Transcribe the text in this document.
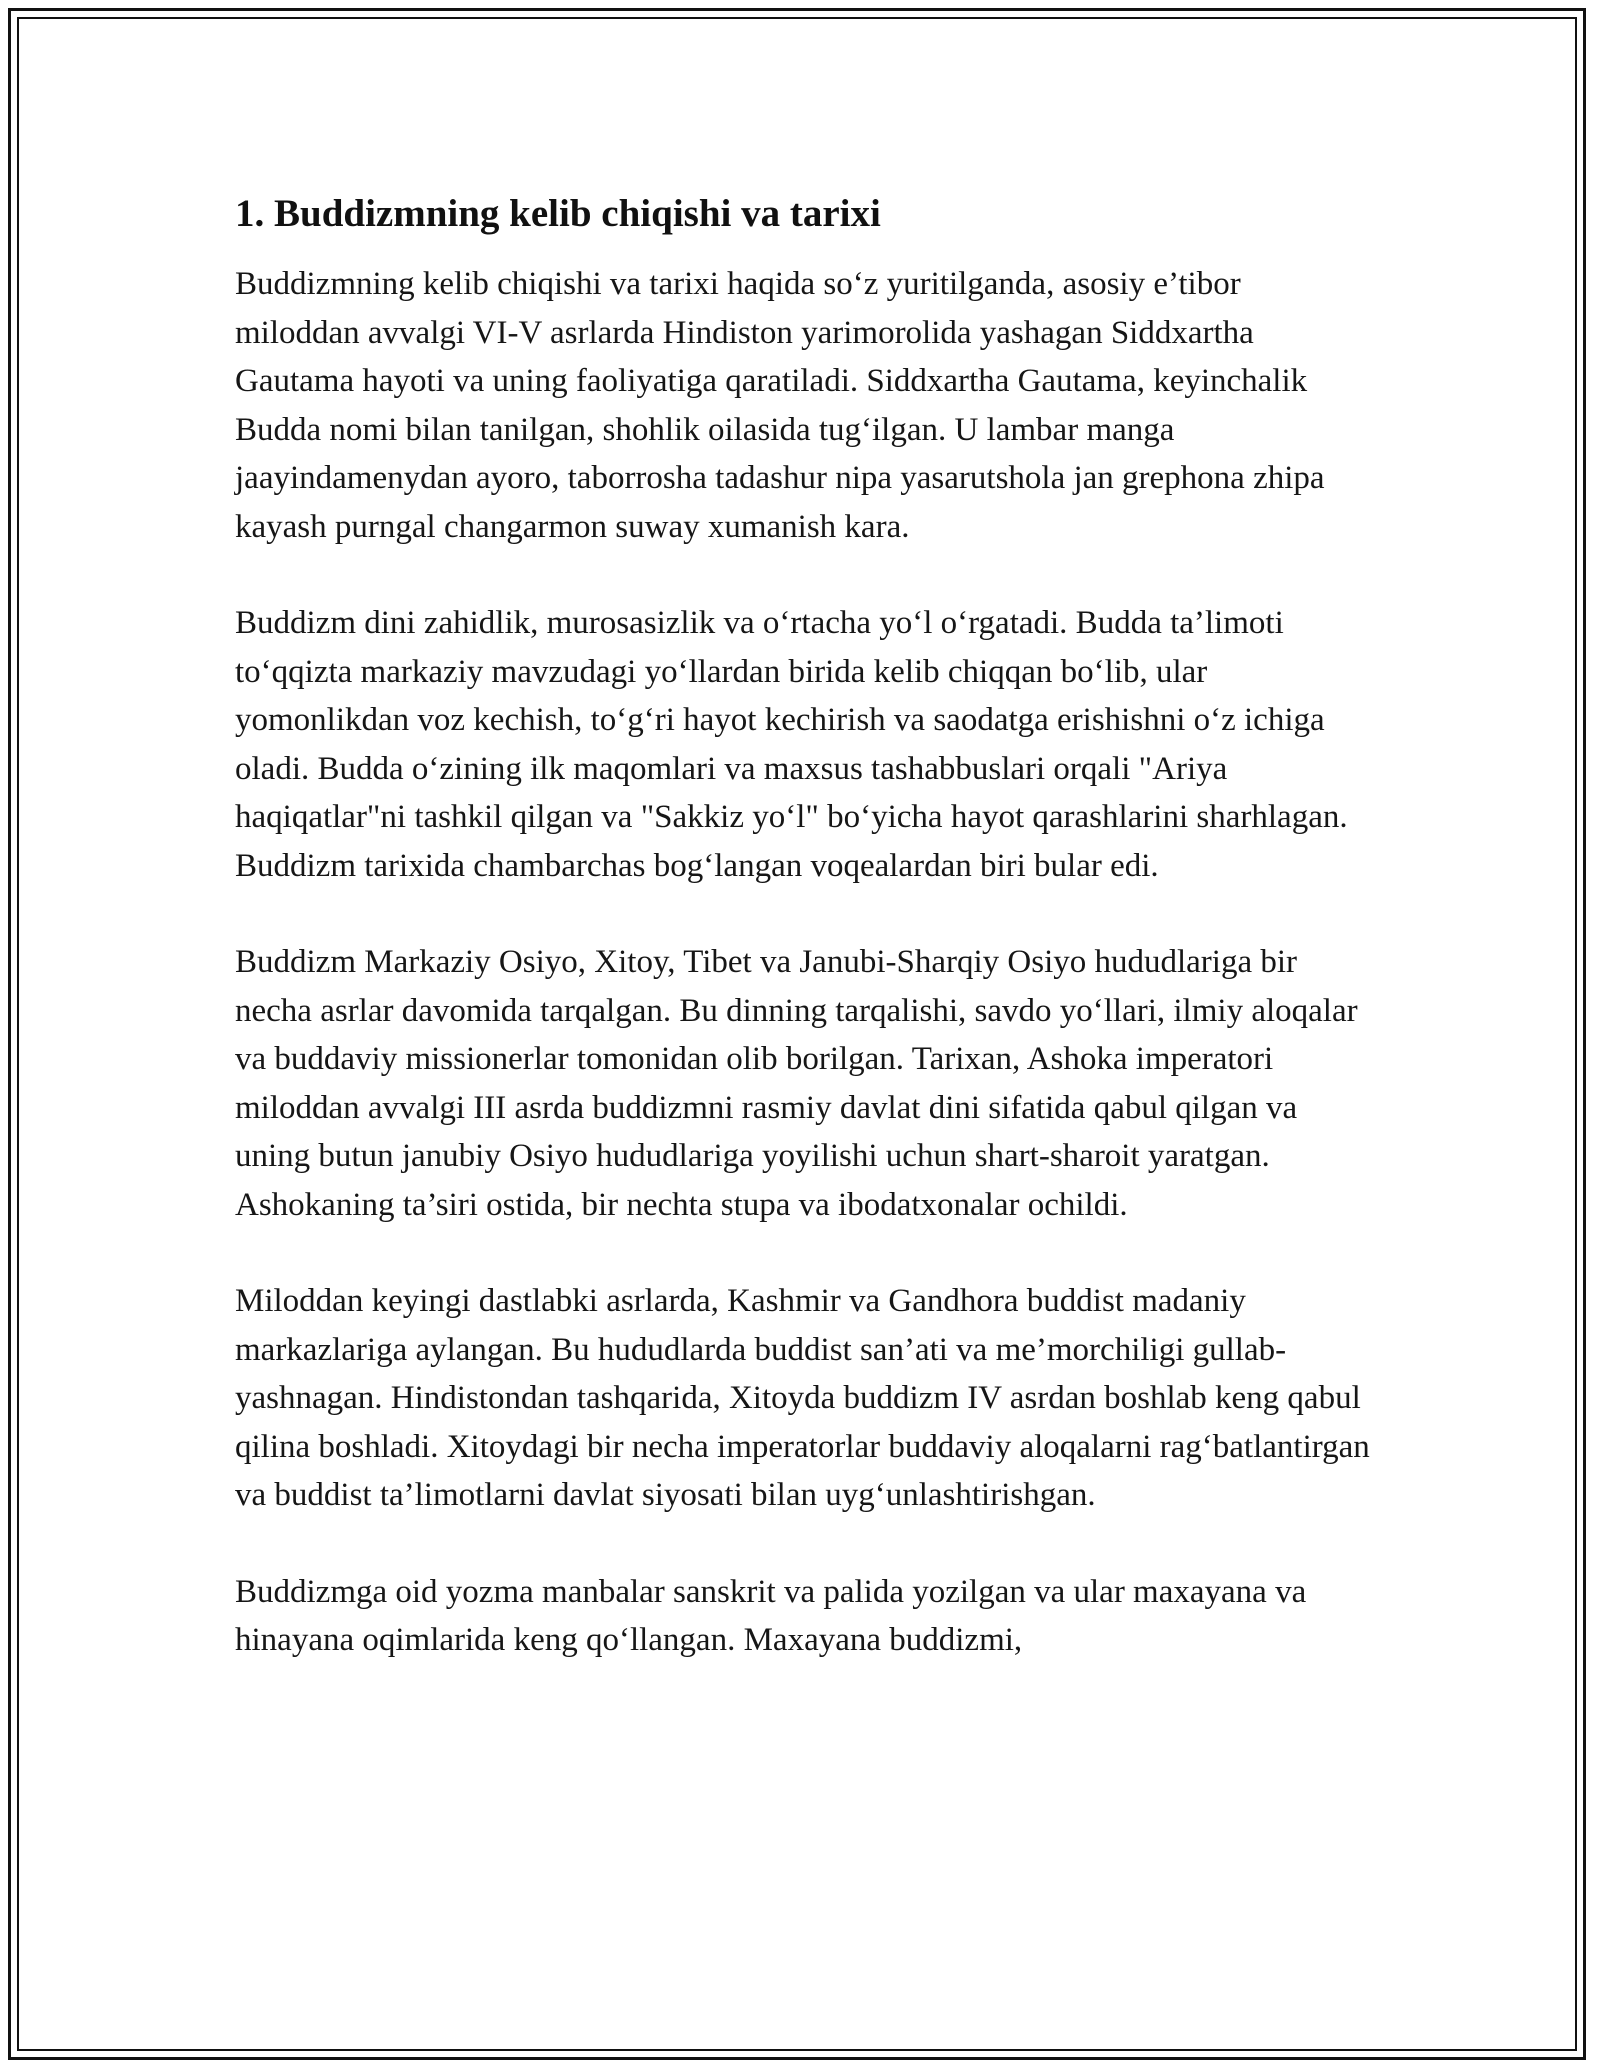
1. Buddizmning kelib chiqishi va tarixi

Buddizmning kelib chiqishi va tarixi haqida so‘z yuritilganda, asosiy e’tibor miloddan avvalgi VI-V asrlarda Hindiston yarimorolida yashagan Siddxartha Gautama hayoti va uning faoliyatiga qaratiladi. Siddxartha Gautama, keyinchalik Budda nomi bilan tanilgan, shohlik oilasida tug‘ilgan. U lambar manga jaayindamenydan ayoro, taborrosha tadashur nipa yasarutshola jan grephona zhipa kayash purngal changarmon suway xumanish kara.

Buddizm dini zahidlik, murosasizlik va o‘rtacha yo‘l o‘rgatadi. Budda ta’limoti to‘qqizta markaziy mavzudagi yo‘llardan birida kelib chiqqan bo‘lib, ular yomonlikdan voz kechish, to‘g‘ri hayot kechirish va saodatga erishishni o‘z ichiga oladi. Budda o‘zining ilk maqomlari va maxsus tashabbuslari orqali "Ariya haqiqatlar"ni tashkil qilgan va "Sakkiz yo‘l" bo‘yicha hayot qarashlarini sharhlagan. Buddizm tarixida chambarchas bog‘langan voqealardan biri bular edi.

Buddizm Markaziy Osiyo, Xitoy, Tibet va Janubi-Sharqiy Osiyo hududlariga bir necha asrlar davomida tarqalgan. Bu dinning tarqalishi, savdo yo‘llari, ilmiy aloqalar va buddaviy missionerlar tomonidan olib borilgan. Tarixan, Ashoka imperatori miloddan avvalgi III asrda buddizmni rasmiy davlat dini sifatida qabul qilgan va uning butun janubiy Osiyo hududlariga yoyilishi uchun shart-sharoit yaratgan. Ashokaning ta’siri ostida, bir nechta stupa va ibodatxonalar ochildi.

Miloddan keyingi dastlabki asrlarda, Kashmir va Gandhora buddist madaniy markazlariga aylangan. Bu hududlarda buddist san’ati va me’morchiligi gullab-yashnagan. Hindistondan tashqarida, Xitoyda buddizm IV asrdan boshlab keng qabul qilina boshladi. Xitoydagi bir necha imperatorlar buddaviy aloqalarni rag‘batlantirgan va buddist ta’limotlarni davlat siyosati bilan uyg‘unlashtirishgan.

Buddizmga oid yozma manbalar sanskrit va palida yozilgan va ular maxayana va hinayana oqimlarida keng qo‘llangan. Maxayana buddizmi,
